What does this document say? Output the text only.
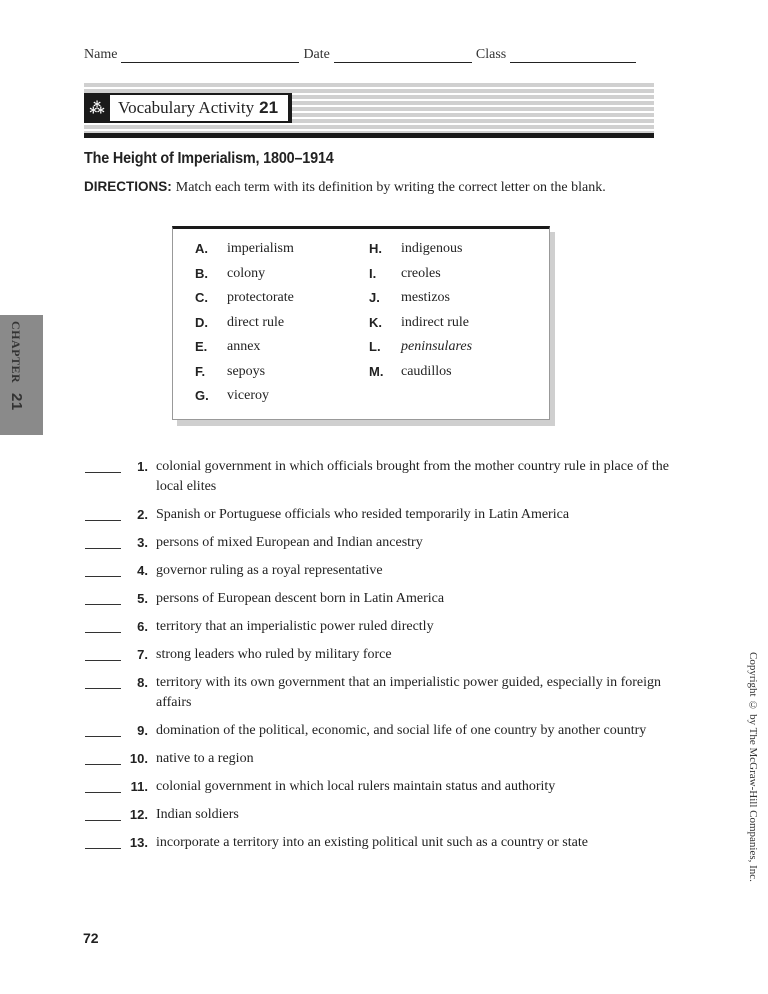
Name	Date	Class
⁂ Vocabulary Activity 21
The Height of Imperialism, 1800–1914
DIRECTIONS: Match each term with its definition by writing the correct letter on the blank.
A.	imperialism
B.	colony
C.	protectorate
D.	direct rule
E.	annex
F.	sepoys
G.	viceroy
H.	indigenous
I.	creoles
J.	mestizos
K.	indirect rule
L.	peninsulares
M.	caudillos
CHAPTER 21
1. colonial government in which officials brought from the mother country rule in place of the local elites
2. Spanish or Portuguese officials who resided temporarily in Latin America
3. persons of mixed European and Indian ancestry
4. governor ruling as a royal representative
5. persons of European descent born in Latin America
6. territory that an imperialistic power ruled directly
7. strong leaders who ruled by military force
8. territory with its own government that an imperialistic power guided, especially in foreign affairs
9. domination of the political, economic, and social life of one country by another country
10. native to a region
11. colonial government in which local rulers maintain status and authority
12. Indian soldiers
13. incorporate a territory into an existing political unit such as a country or state	Copyright © by The McGraw-Hill Companies, Inc.
72
